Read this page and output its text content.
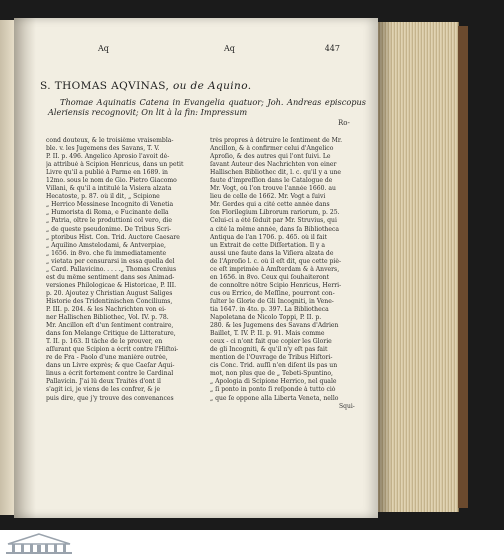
Aq	Aq	447
S. THOMAS AQVINAS, ou de Aquino.
Thomae Aquinatis Catena in Evangelia quatuor; Joh. Andreas episcopus Aleriensis recognovit; On lit à la fin: Impressum
Ro-
cond douteux, & le troisième vraisembla-
ble. v. les Jugemens des Savans, T. V.
P. II. p. 496. Angelico Aprosio l'avoit dé-
ja attribué à Scipion Henricus, dans un petit
Livre qu'il a publié à Parme en 1689. in
12mo. sous le nom de Gio. Pietro Giacomo
Villani, & qu'il a intitulé la Visiera alzata
Hecatoste, p. 87. où il dit, „ Scipione
„ Herrico Messinese Incognito di Venetia
„ Humorista di Roma, e Fucinante della
„ Patria, oltre le produttioni col vero, die
„ de queste pseudonime. De Tribus Scri-
„ ptoribus Hist. Con. Trid. Auctore Caesare
„ Aquilino Amstelodami, & Antverpiae,
„ 1656. in 8vo. che fù immediatamente
„ vietata per censurarsi in essa quella del
„ Card. Pallavicino. . . . .„ Thomas Crenius
est du même sentiment dans ses Animad-
versiones Philologicae & Historicae, P. III.
p. 20. Ajoutez y Christian August Saliges
Historie des Tridentinischen Conciliums,
P. III. p. 204. & les Nachrichten von ei-
ner Hallischen Bibliothec, Vol. IV. p. 78.
Mr. Ancillon eſt d'un ſentiment contraire,
dans ſon Melange Critique de Litterature,
T. II. p. 163. Il tâche de le prouver, en
aſſurant que Scipion a écrit contre l'Hiſtoi-
re de Fra - Paolo d'une manière outrée,
dans un Livre exprès; & que Caeſar Aqui-
linus a écrit fortement contre le Cardinal
Pallavicin. J'ai lû deux Traités d'ont il
s'agit ici, je viens de les confrer, & je
puis dire, que j'y trouve des convenances
très propres à détruire le ſentiment de Mr.
Ancillon, & à confirmer celui d'Angelico
Aproſio, & des autres qui l'ont ſuivi. Le
ſavant Auteur des Nachrichten von einer
Hallischen Bibliothec dit, l. c. qu'il y a une
faute d'impreſſion dans le Catalogue de
Mr. Vogt, où l'on trouve l'année 1660. au
lieu de celle de 1662. Mr. Vogt a ſuivi
Mr. Gerdes qui a cité cette année dans
ſon Florilegium Librorum rariorum, p. 25.
Celui-ci a été ſéduit par Mr. Struvius, qui
a cité la même année, dans ſa Bibliotheca
Antiqua de l'an 1706. p. 465. où il fait
un Extrait de cette Diſſertation. Il y a
aussi une faute dans la Viſiera alzata de
de l'Aproſio l. c. où il eſt dit, que cette piè-
ce eſt imprimée à Amſterdam & à Anvers,
en 1656. in 8vo. Ceux qui ſouhaiteront
de connoître nôtre Scipio Henricus, Herri-
cus ou Errico, de Meſſine, pourront con-
ſulter le Glorie de Gli Incogniti, in Vene-
tia 1647. in 4to. p. 397. La Bibliotheca
Napoletana de Nicolo Toppi, P. II. p.
280. & les Jugemens des Savans d'Adrien
Baillet, T. IV. P. II. p. 91. Mais comme
ceux - ci n'ont fait que copier les Glorie
de gli Incogniti, & qu'il n'y eſt pas fait
mention de l'Ouvrage de Tribus Hiſtori-
cis Conc. Trid. auſſi n'en diſent ils pas un
mot, non plus que de „ Tebeti-Spuntino,
„ Apologia di Scipione Herrico, nel quale
„ ſi ponto in ponto ſi reſponde à tutto ciò
„ que ſe oppone alla Liberta Veneta, nello
Squi-
